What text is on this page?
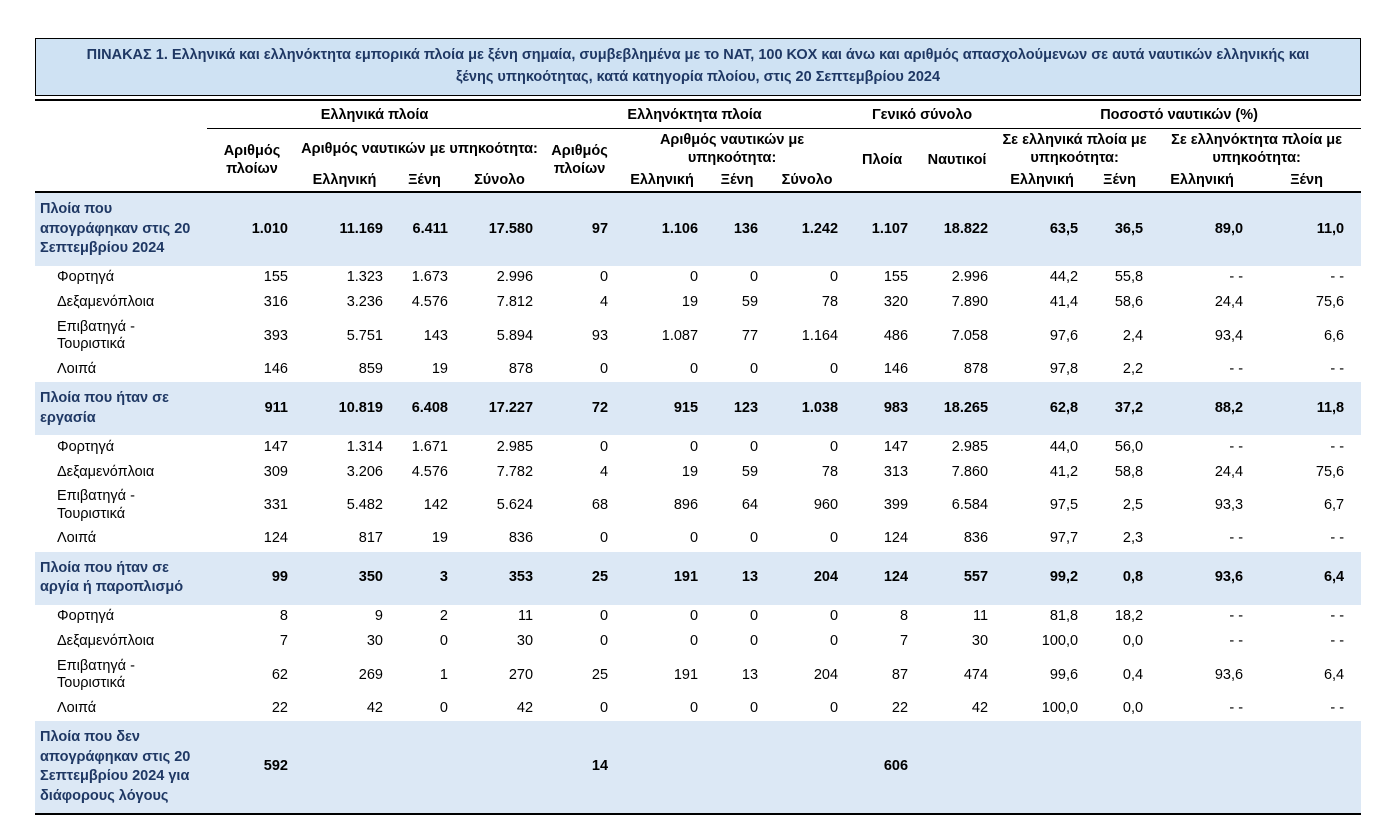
ΠΙΝΑΚΑΣ 1. Ελληνικά και ελληνόκτητα εμπορικά πλοία με ξένη σημαία, συμβεβλημένα με το ΝΑΤ, 100 ΚΟΧ και άνω και αριθμός απασχολούμενων σε αυτά ναυτικών ελληνικής και ξένης υπηκοότητας, κατά κατηγορία πλοίου, στις 20 Σεπτεμβρίου 2024
	Ελληνικά πλοία				Ελληνόκτητα πλοία				Γενικό σύνολο		Ποσοστό ναυτικών (%)			
	Αριθμός πλοίων	Αριθμός ναυτικών με υπηκοότητα:			Αριθμός πλοίων	Αριθμός ναυτικών με υπηκοότητα:			Πλοία	Ναυτικοί	Σε ελληνικά πλοία με υπηκοότητα:		Σε ελληνόκτητα πλοία με υπηκοότητα:	
		Ελληνική	Ξένη	Σύνολο		Ελληνική	Ξένη	Σύνολο			Ελληνική	Ξένη	Ελληνική	Ξένη
Πλοία που απογράφηκαν στις 20 Σεπτεμβρίου 2024	1.010	11.169	6.411	17.580	97	1.106	136	1.242	1.107	18.822	63,5	36,5	89,0	11,0
Φορτηγά	155	1.323	1.673	2.996	0	0	0	0	155	2.996	44,2	55,8	- -	- -
Δεξαμενόπλοια	316	3.236	4.576	7.812	4	19	59	78	320	7.890	41,4	58,6	24,4	75,6
Επιβατηγά - Τουριστικά	393	5.751	143	5.894	93	1.087	77	1.164	486	7.058	97,6	2,4	93,4	6,6
Λοιπά	146	859	19	878	0	0	0	0	146	878	97,8	2,2	- -	- -
Πλοία που ήταν σε εργασία	911	10.819	6.408	17.227	72	915	123	1.038	983	18.265	62,8	37,2	88,2	11,8
Φορτηγά	147	1.314	1.671	2.985	0	0	0	0	147	2.985	44,0	56,0	- -	- -
Δεξαμενόπλοια	309	3.206	4.576	7.782	4	19	59	78	313	7.860	41,2	58,8	24,4	75,6
Επιβατηγά - Τουριστικά	331	5.482	142	5.624	68	896	64	960	399	6.584	97,5	2,5	93,3	6,7
Λοιπά	124	817	19	836	0	0	0	0	124	836	97,7	2,3	- -	- -
Πλοία που ήταν σε αργία ή παροπλισμό	99	350	3	353	25	191	13	204	124	557	99,2	0,8	93,6	6,4
Φορτηγά	8	9	2	11	0	0	0	0	8	11	81,8	18,2	- -	- -
Δεξαμενόπλοια	7	30	0	30	0	0	0	0	7	30	100,0	0,0	- -	- -
Επιβατηγά - Τουριστικά	62	269	1	270	25	191	13	204	87	474	99,6	0,4	93,6	6,4
Λοιπά	22	42	0	42	0	0	0	0	22	42	100,0	0,0	- -	- -
Πλοία που δεν απογράφηκαν στις 20 Σεπτεμβρίου 2024 για διάφορους λόγους	592				14				606					
